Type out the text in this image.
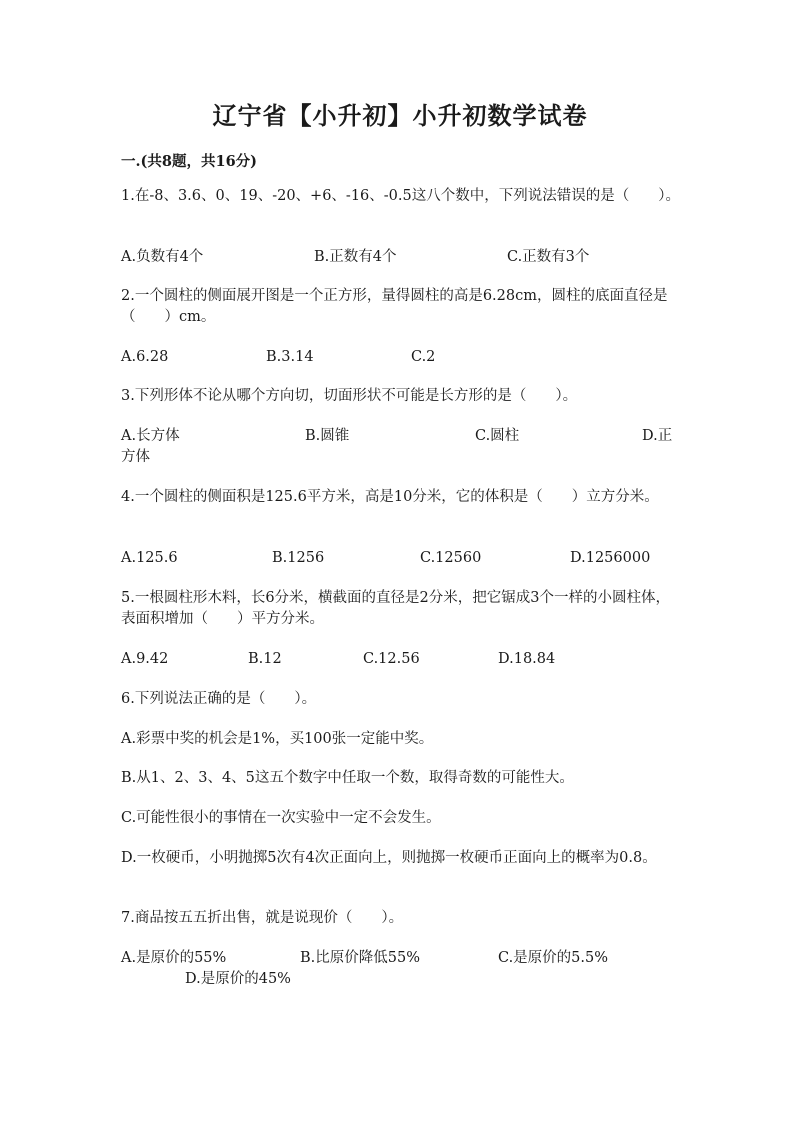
辽宁省【小升初】小升初数学试卷
一.(共8题，共16分)
1.在-8、3.6、0、19、-20、+6、-16、-0.5这八个数中，下列说法错误的是（　　）。
A.负数有4个	B.正数有4个	C.正数有3个
2.一个圆柱的侧面展开图是一个正方形，量得圆柱的高是6.28cm，圆柱的底面直径是（　　）cm。
A.6.28	B.3.14	C.2
3.下列形体不论从哪个方向切，切面形状不可能是长方形的是（　　）。
A.长方体	B.圆锥	C.圆柱	D.正
方体
4.一个圆柱的侧面积是125.6平方米，高是10分米，它的体积是（　　）立方分米。
A.125.6	B.1256	C.12560	D.1256000
5.一根圆柱形木料，长6分米，横截面的直径是2分米，把它锯成3个一样的小圆柱体，表面积增加（　　）平方分米。
A.9.42	B.12	C.12.56	D.18.84
6.下列说法正确的是（　　）。
A.彩票中奖的机会是1%，买100张一定能中奖。
B.从1、2、3、4、5这五个数字中任取一个数，取得奇数的可能性大。
C.可能性很小的事情在一次实验中一定不会发生。
D.一枚硬币，小明抛掷5次有4次正面向上，则抛掷一枚硬币正面向上的概率为0.8。
7.商品按五五折出售，就是说现价（　　）。
A.是原价的55%	B.比原价降低55%	C.是原价的5.5%
D.是原价的45%
